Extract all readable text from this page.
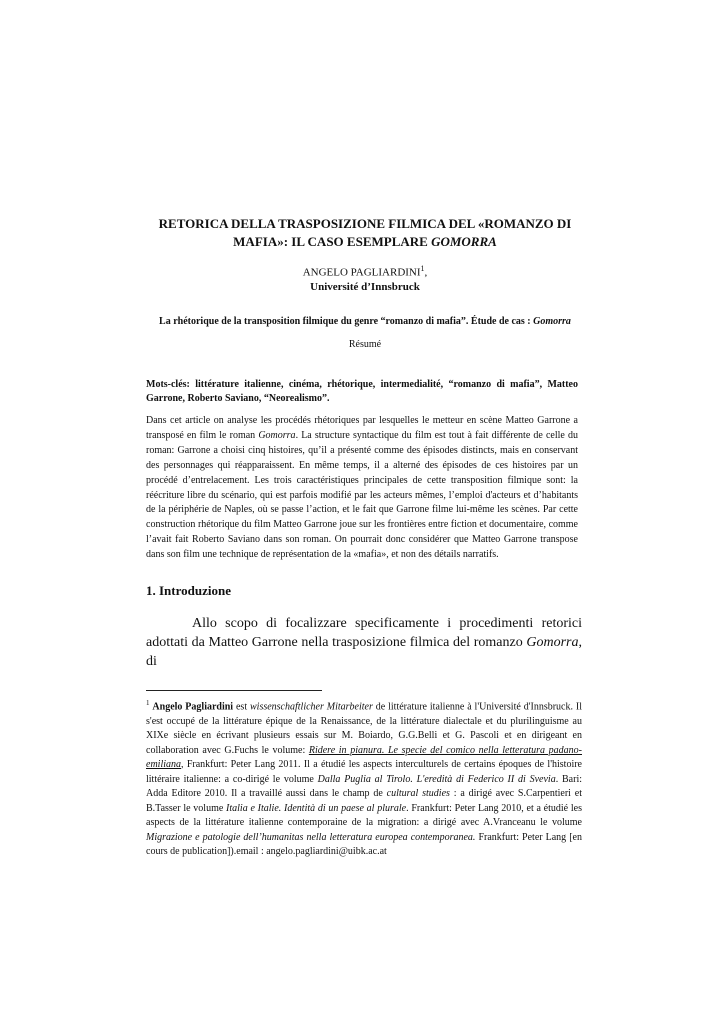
RETORICA DELLA TRASPOSIZIONE FILMICA DEL «ROMANZO DI
MAFIA»: IL CASO ESEMPLARE GOMORRA
ANGELO PAGLIARDINI$^1$,
Université d’Innsbruck
La rhétorique de la transposition filmique du genre “romanzo di mafia”. Étude de cas : Gomorra
Résumé
Mots-clés: littérature italienne, cinéma, rhétorique, intermedialité, “romanzo di mafia”, Matteo Garrone, Roberto Saviano, “Neorealismo”.
Dans cet article on analyse les procédés rhétoriques par lesquelles le metteur en scène Matteo Garrone a transposé en film le roman Gomorra. La structure syntactique du film est tout à fait différente de celle du roman: Garrone a choisi cinq histoires, qu’il a présenté comme des épisodes distincts, mais en conservant des personnages qui réapparaissent. En même temps, il a alterné des épisodes de ces histoires par un procédé d’entrelacement. Les trois caractéristiques principales de cette transposition filmique sont: la réécriture libre du scénario, qui est parfois modifié par les acteurs mêmes, l’emploi d'acteurs et d’habitants de la périphérie de Naples, où se passe l’action, et le fait que Garrone filme lui-même les scènes. Par cette construction rhétorique du film Matteo Garrone joue sur les frontières entre fiction et documentaire, comme l’avait fait Roberto Saviano dans son roman. On pourrait donc considérer que Matteo Garrone transpose dans son film une technique de représentation de la «mafia», et non des détails narratifs.
1. Introduzione
Allo scopo di focalizzare specificamente i procedimenti retorici adottati da Matteo Garrone nella trasposizione filmica del romanzo Gomorra, di
$^1$ Angelo Pagliardini est wissenschaftlicher Mitarbeiter de littérature italienne à l'Université d'Innsbruck. Il s'est occupé de la littérature épique de la Renaissance, de la littérature dialectale et du plurilinguisme au XIXe siècle en écrivant plusieurs essais sur M. Boiardo, G.G.Belli et G. Pascoli et en dirigeant en collaboration avec G.Fuchs le volume: Ridere in pianura. Le specie del comico nella letteratura padano-emiliana, Frankfurt: Peter Lang 2011. Il a étudié les aspects interculturels de certains époques de l'histoire littéraire italienne: a co-dirigé le volume Dalla Puglia al Tirolo. L'eredità di Federico II di Svevia. Bari: Adda Editore 2010. Il a travaillé aussi dans le champ de cultural studies : a dirigé avec S.Carpentieri et B.Tasser le volume Italia e Italie. Identità di un paese al plurale. Frankfurt: Peter Lang 2010, et a étudié les aspects de la littérature italienne contemporaine de la migration: a dirigé avec A.Vranceanu le volume Migrazione e patologie dell’humanitas nella letteratura europea contemporanea. Frankfurt: Peter Lang [en cours de publication]).email : angelo.pagliardini@uibk.ac.at
